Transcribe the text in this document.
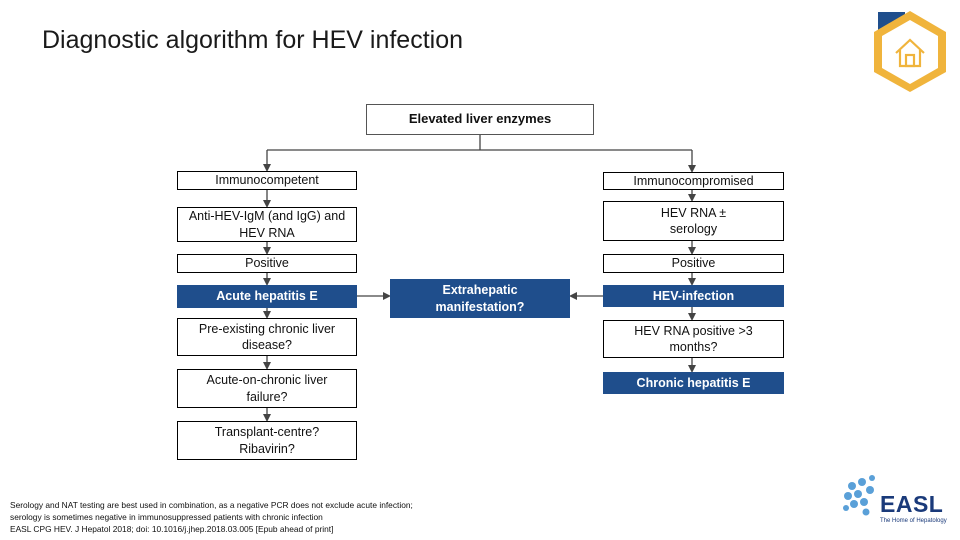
Diagnostic algorithm for HEV infection
Elevated liver enzymes
Immunocompetent
Anti-HEV-IgM (and IgG) and HEV RNA
Positive
Acute hepatitis E
Pre-existing chronic liver disease?
Acute-on-chronic liver failure?
Transplant-centre? Ribavirin?
Extrahepatic manifestation?
Immunocompromised
HEV RNA ± serology
Positive
HEV-infection
HEV RNA positive >3 months?
Chronic hepatitis E
Serology and NAT testing are best used in combination, as a negative PCR does not exclude acute infection;
serology is sometimes negative in immunosuppressed patients with chronic infection
EASL CPG HEV. J Hepatol 2018; doi: 10.1016/j.jhep.2018.03.005 [Epub ahead of print]
EASL
The Home of Hepatology
